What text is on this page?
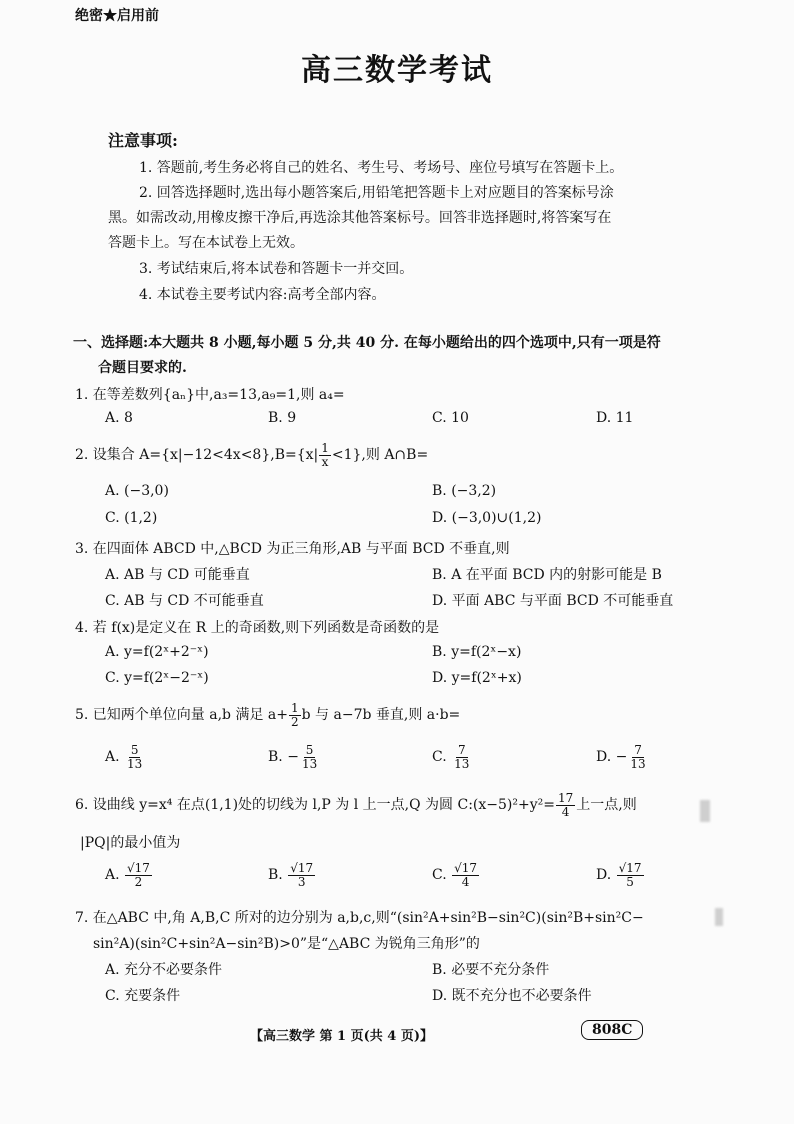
绝密★启用前
高三数学考试
注意事项:
1. 答题前,考生务必将自己的姓名、考生号、考场号、座位号填写在答题卡上。
2. 回答选择题时,选出每小题答案后,用铅笔把答题卡上对应题目的答案标号涂
黑。如需改动,用橡皮擦干净后,再选涂其他答案标号。回答非选择题时,将答案写在
答题卡上。写在本试卷上无效。
3. 考试结束后,将本试卷和答题卡一并交回。
4. 本试卷主要考试内容:高考全部内容。
一、选择题:本大题共 8 小题,每小题 5 分,共 40 分. 在每小题给出的四个选项中,只有一项是符
合题目要求的.
1. 在等差数列{aₙ}中,a₃=13,a₉=1,则 a₄=
A. 8	B. 9	C. 10	D. 11
2. 设集合 $A=\{x|-12<4x<8\},B=\{x| \frac{1}{x} <1\}$,则 A∩B=
A. (−3,0)	B. (−3,2)
C. (1,2)	D. (−3,0)∪(1,2)
3. 在四面体 ABCD 中,△BCD 为正三角形,AB 与平面 BCD 不垂直,则
A. AB 与 CD 可能垂直	B. A 在平面 BCD 内的射影可能是 B
C. AB 与 CD 不可能垂直	D. 平面 ABC 与平面 BCD 不可能垂直
4. 若 f(x)是定义在 R 上的奇函数,则下列函数是奇函数的是
A. y=f(2ˣ+2⁻ˣ)	B. y=f(2ˣ−x)
C. y=f(2ˣ−2⁻ˣ)	D. y=f(2ˣ+x)
5. 已知两个单位向量 a,b 满足 $a+ \frac{1}{2}$ b 与 a−7b 垂直,则 a·b=
A. $\frac{5}{13}$	B. − $\frac{5}{13}$	C. $\frac{7}{13}$	D. − $\frac{7}{13}$
6. 设曲线 y=x⁴ 在点(1,1)处的切线为 l,P 为 l 上一点,Q 为圆 C:(x−5)²+y²= $\frac{17}{4}$ 上一点,则
|PQ|的最小值为
A. $\frac{√17}{2}$	B. $\frac{√17}{3}$	C. $\frac{√17}{4}$	D. $\frac{√17}{5}$
7. 在△ABC 中,角 A,B,C 所对的边分别为 a,b,c,则“(sin²A+sin²B−sin²C)(sin²B+sin²C−
sin²A)(sin²C+sin²A−sin²B)>0”是“△ABC 为锐角三角形”的
A. 充分不必要条件	B. 必要不充分条件
C. 充要条件	D. 既不充分也不必要条件
【高三数学 第 1 页(共 4 页)】	808C
